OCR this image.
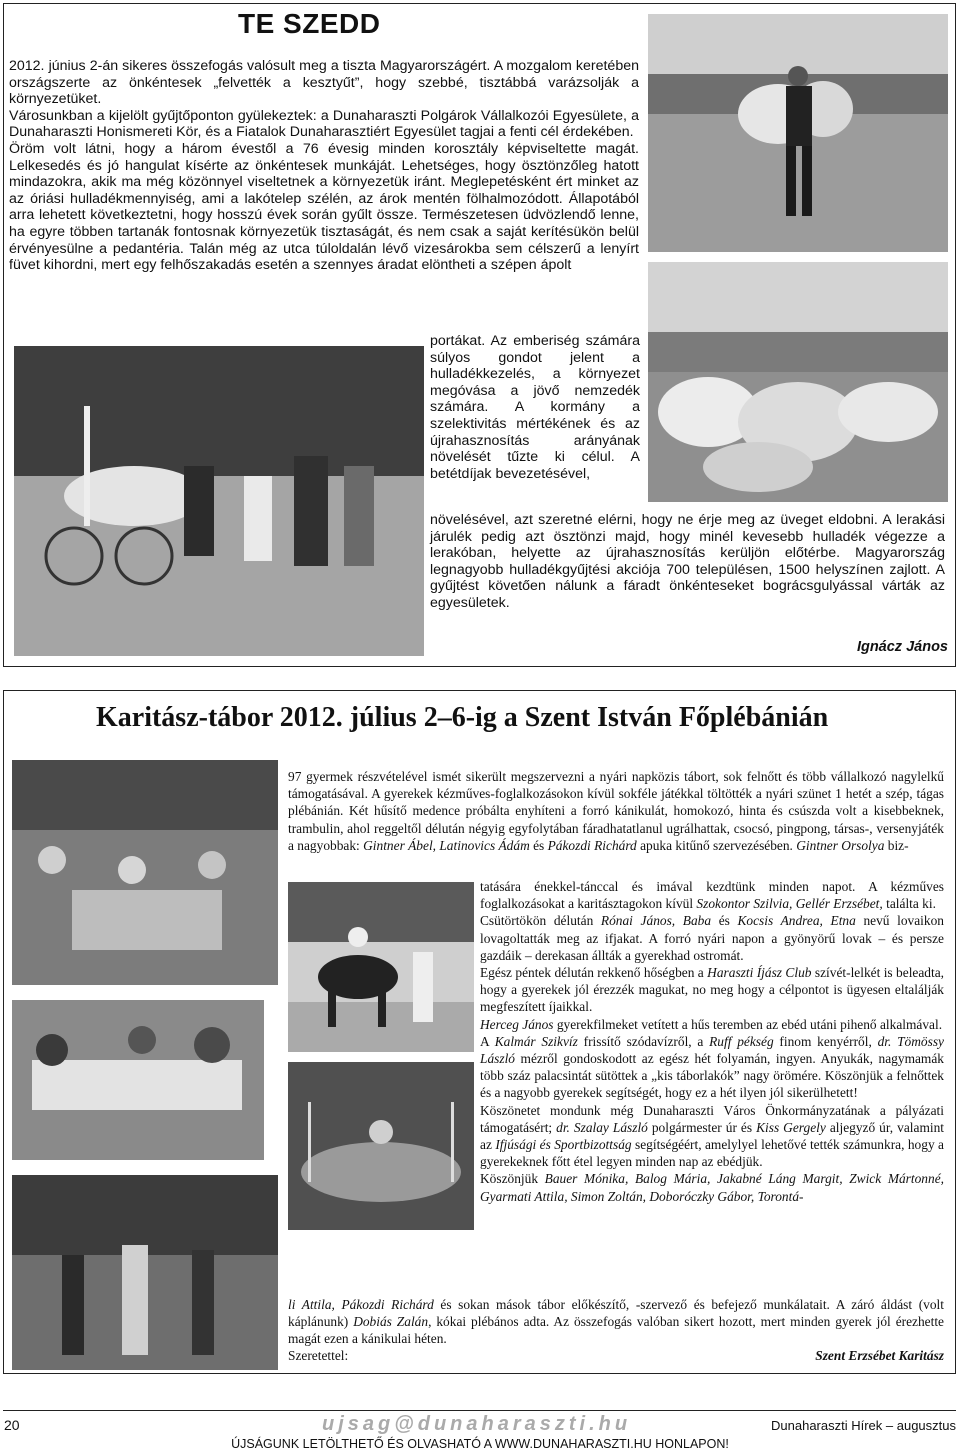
TE SZEDD

2012. június 2-án sikeres összefogás valósult meg a tiszta Magyarországért. A mozgalom keretében országszerte az önkéntesek „felvették a kesztyűt”, hogy szebbé, tisztábbá varázsolják a környezetüket.

Városunkban a kijelölt gyűjtőponton gyülekeztek: a Dunaharaszti Polgárok Vállalkozói Egyesülete, a Dunaharaszti Honismereti Kör, és a Fiatalok Dunaharasztiért Egyesület tagjai a fenti cél érdekében.

Öröm volt látni, hogy a három évestől a 76 évesig minden korosztály képviseltette magát. Lelkesedés és jó hangulat kísérte az önkéntesek munkáját. Lehetséges, hogy ösztönzőleg hatott mindazokra, akik ma még közönnyel viseltetnek a környezetük iránt. Meglepetésként ért minket az az óriási hulladékmennyiség, ami a lakótelep szélén, az árok mentén fölhalmozódott. Állapotából arra lehetett következtetni, hogy hosszú évek során gyűlt össze. Természetesen üdvözlendő lenne, ha egyre többen tartanák fontosnak környezetük tisztaságát, és nem csak a saját kerítésükön belül érvényesülne a pedantéria. Talán még az utca túloldalán lévő vizesárokba sem célszerű a lenyírt füvet kihordni, mert egy felhőszakadás esetén a szennyes áradat elöntheti a szépen ápolt

portákat. Az emberiség számára súlyos gondot jelent a hulladékkezelés, a környezet megóvása a jövő nemzedék számára. A kormány a szelektivitás mértékének és az újrahasznosítás arányának növelését tűzte ki célul. A betétdíjak bevezetésével,
növelésével, azt szeretné elérni, hogy ne érje meg az üveget eldobni. A lerakási járulék pedig azt ösztönzi majd, hogy minél kevesebb hulladék végezze a lerakóban, helyette az újrahasznosítás kerüljön előtérbe. Magyarország legnagyobb hulladékgyűjtési akciója 700 településen, 1500 helyszínen zajlott. A gyűjtést követően nálunk a fáradt önkénteseket bográcsgulyással várták az egyesületek.
Ignácz János
Karitász-tábor 2012. július 2–6-ig a Szent István Főplébánián
97 gyermek részvételével ismét sikerült megszervezni a nyári napközis tábort, sok felnőtt és több vállalkozó nagylelkű támogatásával. A gyerekek kézműves-foglalkozásokon kívül sokféle játékkal töltötték a nyári szünet 1 hetét a szép, tágas plébánián. Két hűsítő medence próbálta enyhíteni a forró kánikulát, homokozó, hinta és csúszda volt a kisebbeknek, trambulin, ahol reggeltől délután négyig egyfolytában fáradhatatlanul ugrálhattak, csocsó, pingpong, társas-, versenyjáték a nagyobbak: Gintner Ábel, Latinovics Ádám és Pákozdi Richárd apuka kitűnő szervezésében. Gintner Orsolya biz-

tatására énekkel-tánccal és imával kezdtünk minden napot. A kézműves foglalkozásokat a karitásztagokon kívül Szokontor Szilvia, Gellér Erzsébet, találta ki.

Csütörtökön délután Rónai János, Baba és Kocsis Andrea, Etna nevű lovaikon lovagoltatták meg az ifjakat. A forró nyári napon a gyönyörű lovak – és persze gazdáik – derekasan állták a gyerekhad ostromát.

Egész péntek délután rekkenő hőségben a Haraszti Íjász Club szívét-lelkét is beleadta, hogy a gyerekek jól érezzék magukat, no meg hogy a célpontot is ügyesen eltalálják megfeszített íjaikkal.

Herceg János gyerekfilmeket vetített a hűs teremben az ebéd utáni pihenő alkalmával.

A Kalmár Szikvíz frissítő szódavízről, a Ruff pékség finom kenyérről, dr. Tömössy László mézről gondoskodott az egész hét folyamán, ingyen. Anyukák, nagymamák több száz palacsintát sütöttek a „kis táborlakók” nagy örömére. Köszönjük a felnőttek és a nagyobb gyerekek segítségét, hogy ez a hét ilyen jól sikerülhetett!

Köszönetet mondunk még Dunaharaszti Város Önkormányzatának a pályázati támogatásért; dr. Szalay László polgármester úr és Kiss Gergely aljegyző úr, valamint az Ifjúsági és Sportbizottság segítségéért, amelylyel lehetővé tették számunkra, hogy a gyerekeknek főtt étel legyen minden nap az ebédjük.

Köszönjük Bauer Mónika, Balog Mária, Jakabné Láng Margit, Zwick Mártonné, Gyarmati Attila, Simon Zoltán, Doboróczky Gábor, Torontá-

li Attila, Pákozdi Richárd és sokan mások tábor előkészítő, -szervező és befejező munkálatait. A záró áldást (volt káplánunk) Dobiás Zalán, kókai plébános adta. Az összefogás valóban sikert hozott, mert minden gyerek jól érezhette magát ezen a kánikulai héten.
Szeretettel:	Szent Erzsébet Karitász
20	ujsag@dunaharaszti.hu	Dunaharaszti Hírek – augusztus
ÚJSÁGUNK LETÖLTHETŐ ÉS OLVASHATÓ A WWW.DUNAHARASZTI.HU HONLAPON!
